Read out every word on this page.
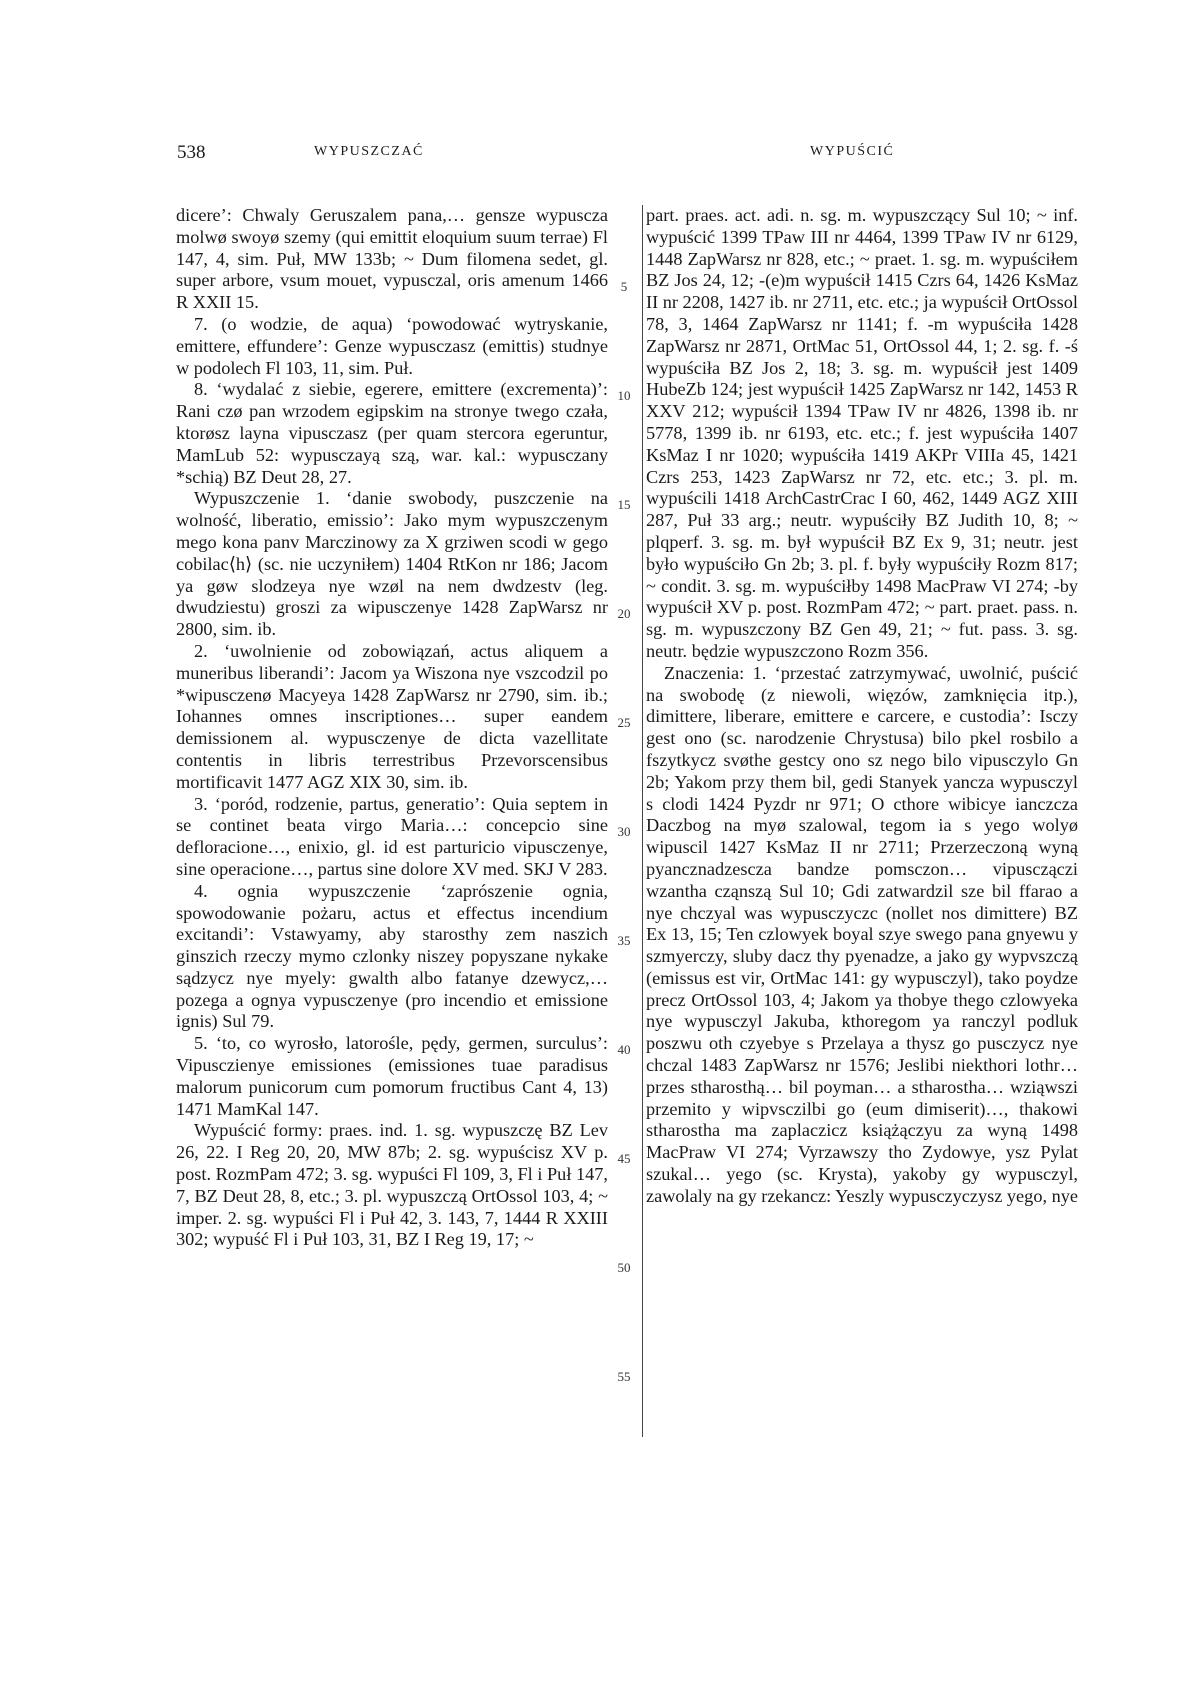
538	WYPUSZCZAĆ	WYPUŚCIĆ

dicere’: Chwaly Geruszalem pana,… gensze wypuscza molwø swoyø szemy (qui emittit eloquium suum terrae) Fl 147, 4, sim. Puł, MW 133b; ~ Dum filomena sedet, gl. super arbore, vsum mouet, vypusczal, oris amenum 1466 R XXII 15.

7. (o wodzie, de aqua) ‘powodować wytryskanie, emittere, effundere’: Genze wypusczasz (emittis) studnye w podolech Fl 103, 11, sim. Puł.

8. ‘wydalać z siebie, egerere, emittere (excrementa)’: Rani czø pan wrzodem egipskim na stronye twego czała, ktorøsz layna vipusczasz (per quam stercora egeruntur, MamLub 52: wypusczayą szą, war. kal.: wypusczany *schią) BZ Deut 28, 27.

Wypuszczenie 1. ‘danie swobody, puszczenie na wolność, liberatio, emissio’: Jako mym wypuszczenym mego kona panv Marczinowy za X grziwen scodi w gego cobilac⟨h⟩ (sc. nie uczyniłem) 1404 RtKon nr 186; Jacom ya gøw slodzeya nye wzøl na nem dwdzestv (leg. dwudziestu) groszi za wipusczenye 1428 ZapWarsz nr 2800, sim. ib.

2. ‘uwolnienie od zobowiązań, actus aliquem a muneribus liberandi’: Jacom ya Wiszona nye vszcodzil po *wipusczenø Macyeya 1428 ZapWarsz nr 2790, sim. ib.; Iohannes omnes inscriptiones… super eandem demissionem al. wypusczenye de dicta vazellitate contentis in libris terrestribus Przevorscensibus mortificavit 1477 AGZ XIX 30, sim. ib.

3. ‘poród, rodzenie, partus, generatio’: Quia septem in se continet beata virgo Maria…: concepcio sine defloracione…, enixio, gl. id est parturicio vipusczenye, sine operacione…, partus sine dolore XV med. SKJ V 283.

4. ognia wypuszczenie ‘zaprószenie ognia, spowodowanie pożaru, actus et effectus incendium excitandi’: Vstawyamy, aby starosthy zem naszich ginszich rzeczy mymo czlonky niszey popyszane nykake sądzycz nye myely: gwalth albo fatanye dzewycz,… pozega a ognya vypusczenye (pro incendio et emissione ignis) Sul 79.

5. ‘to, co wyrosło, latorośle, pędy, germen, surculus’: Vipusczienye emissiones (emissiones tuae paradisus malorum punicorum cum pomorum fructibus Cant 4, 13) 1471 MamKal 147.

Wypuścić formy: praes. ind. 1. sg. wypuszczę BZ Lev 26, 22. I Reg 20, 20, MW 87b; 2. sg. wypuścisz XV p. post. RozmPam 472; 3. sg. wypuści Fl 109, 3, Fl i Puł 147, 7, BZ Deut 28, 8, etc.; 3. pl. wypuszczą OrtOssol 103, 4; ~ imper. 2. sg. wypuści Fl i Puł 42, 3. 143, 7, 1444 R XXIII 302; wypuść Fl i Puł 103, 31, BZ I Reg 19, 17; ~

5
10
15
20
25
30
35
40
45
50
55

part. praes. act. adi. n. sg. m. wypuszczący Sul 10; ~ inf. wypuścić 1399 TPaw III nr 4464, 1399 TPaw IV nr 6129, 1448 ZapWarsz nr 828, etc.; ~ praet. 1. sg. m. wypuściłem BZ Jos 24, 12; -(e)m wypuścił 1415 Czrs 64, 1426 KsMaz II nr 2208, 1427 ib. nr 2711, etc. etc.; ja wypuścił OrtOssol 78, 3, 1464 ZapWarsz nr 1141; f. -m wypuściła 1428 ZapWarsz nr 2871, OrtMac 51, OrtOssol 44, 1; 2. sg. f. -ś wypuściła BZ Jos 2, 18; 3. sg. m. wypuścił jest 1409 HubeZb 124; jest wypuścił 1425 ZapWarsz nr 142, 1453 R XXV 212; wypuścił 1394 TPaw IV nr 4826, 1398 ib. nr 5778, 1399 ib. nr 6193, etc. etc.; f. jest wypuściła 1407 KsMaz I nr 1020; wypuściła 1419 AKPr VIIIa 45, 1421 Czrs 253, 1423 ZapWarsz nr 72, etc. etc.; 3. pl. m. wypuścili 1418 ArchCastrCrac I 60, 462, 1449 AGZ XIII 287, Puł 33 arg.; neutr. wypuściły BZ Judith 10, 8; ~ plqperf. 3. sg. m. był wypuścił BZ Ex 9, 31; neutr. jest było wypuściło Gn 2b; 3. pl. f. były wypuściły Rozm 817; ~ condit. 3. sg. m. wypuściłby 1498 MacPraw VI 274; -by wypuścił XV p. post. RozmPam 472; ~ part. praet. pass. n. sg. m. wypuszczony BZ Gen 49, 21; ~ fut. pass. 3. sg. neutr. będzie wypuszczono Rozm 356.

Znaczenia: 1. ‘przestać zatrzymywać, uwolnić, puścić na swobodę (z niewoli, więzów, zamknięcia itp.), dimittere, liberare, emittere e carcere, e custodia’: Isczy gest ono (sc. narodzenie Chrystusa) bilo pkel rosbilo a fszytkycz svøthe gestcy ono sz nego bilo vipusczylo Gn 2b; Yakom przy them bil, gedi Stanyek yancza wypusczyl s clodi 1424 Pyzdr nr 971; O cthore wibicye ianczcza Daczbog na myø szalowal, tegom ia s yego wolyø wipuscil 1427 KsMaz II nr 2711; Przerzeczoną wyną pyancznadzescza bandze pomsczon… vipusczączi wzantha cząnszą Sul 10; Gdi zatwardzil sze bil ffarao a nye chczyal was wypusczyczc (nollet nos dimittere) BZ Ex 13, 15; Ten czlowyek boyal szye swego pana gnyewu y szmyerczy, sluby dacz thy pyenadze, a jako gy wypvszczą (emissus est vir, OrtMac 141: gy wypusczyl), tako poydze precz OrtOssol 103, 4; Jakom ya thobye thego czlowyeka nye wypusczyl Jakuba, kthoregom ya ranczyl podluk poszwu oth czyebye s Przelaya a thysz go pusczycz nye chczal 1483 ZapWarsz nr 1576; Jeslibi niekthori lothr… przes stharosthą… bil poyman… a stharostha… wziąwszi przemito y wipvsczilbi go (eum dimiserit)…, thakowi stharostha ma zaplaczicz książączyu za wyną 1498 MacPraw VI 274; Vyrzawszy tho Zydowye, ysz Pylat szukal… yego (sc. Krysta), yakoby gy wypusczyl, zawolaly na gy rzekancz: Yeszly wypusczyczysz yego, nye
